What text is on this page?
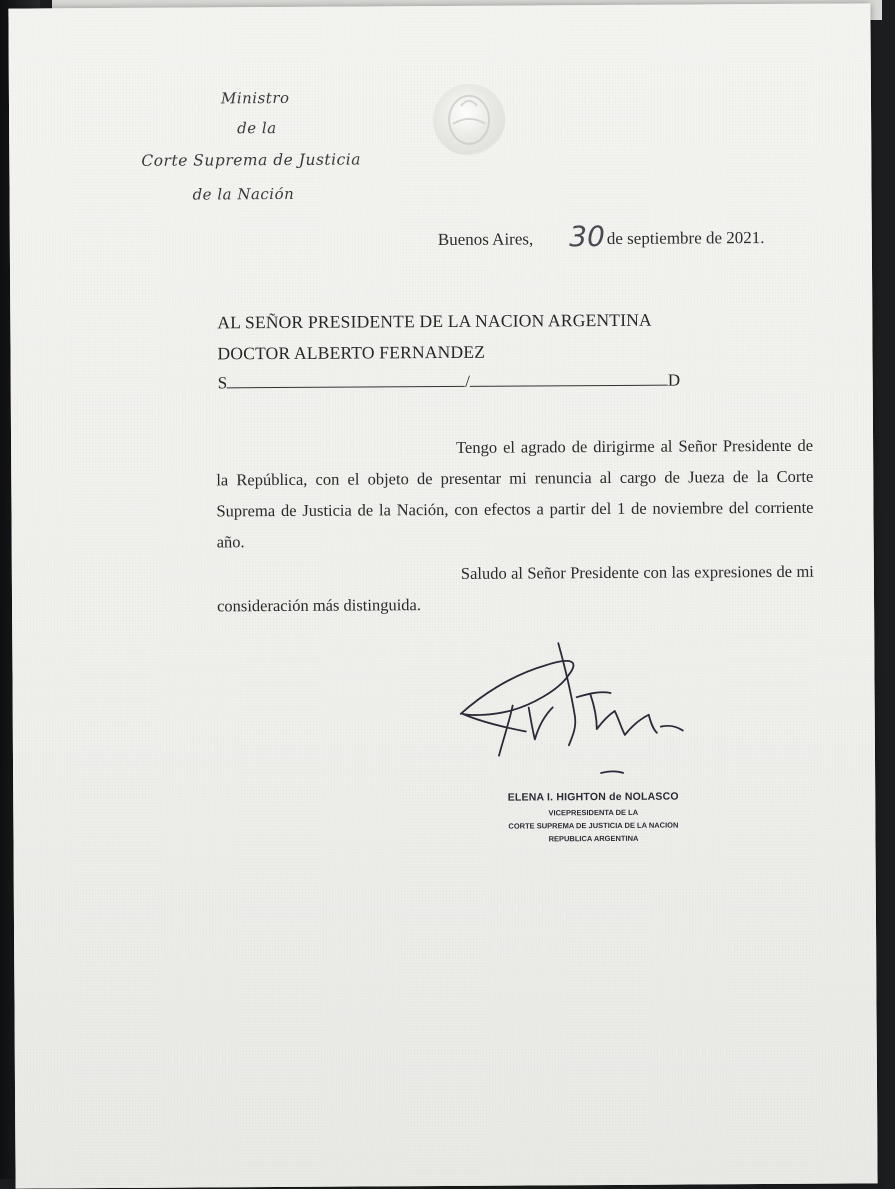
Ministro
de la
Corte Suprema de Justicia
de la Nación
Buenos Aires, 30 de septiembre de 2021.
AL SEÑOR PRESIDENTE DE LA NACION ARGENTINA
DOCTOR ALBERTO FERNANDEZ
S	/	D
Tengo el agrado de dirigirme al Señor Presidente de la República, con el objeto de presentar mi renuncia al cargo de Jueza de la Corte Suprema de Justicia de la Nación, con efectos a partir del 1 de noviembre del corriente año.
Saludo al Señor Presidente con las expresiones de mi consideración más distinguida.
ELENA I. HIGHTON de NOLASCO
VICEPRESIDENTA DE LA
CORTE SUPREMA DE JUSTICIA DE LA NACION
REPUBLICA ARGENTINA
